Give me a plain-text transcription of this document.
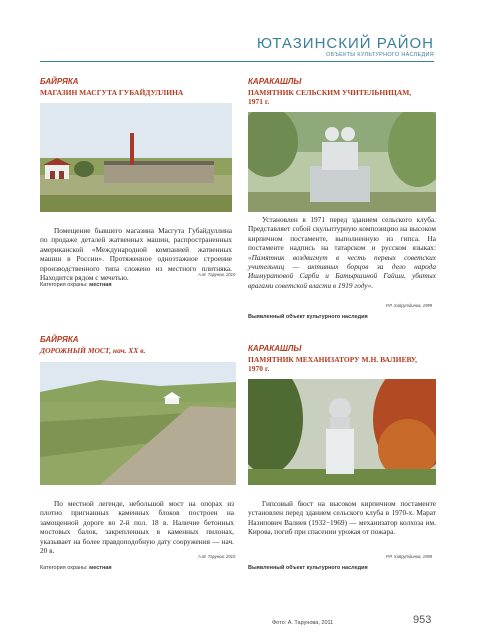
ЮТАЗИНСКИЙ РАЙОН
ОБЪЕКТЫ КУЛЬТУРНОГО НАСЛЕДИЯ

БАЙРЯКА

МАГАЗИН МАСГУТА ГУБАЙДУЛЛИНА

Помещение бывшего магазина Масгута Губайдуллина по продаже деталей жатвенных машин, распространенных американской «Международной компанией жатвенных машин в России». Протяженное одноэтажное строение производственного типа сложено из местного плитняка. Находится рядом с мечетью.	А.М. Тарунов, 2010
Категория охраны: местная

КАРАКАШЛЫ

ПАМЯТНИК СЕЛЬСКИМ УЧИТЕЛЬНИЦАМ,
1971 г.

Установлен в 1971 перед зданием сельского клуба. Представляет собой скульптурную композицию на высоком кирпичном постаменте, выполненную из гипса. На постаменте надпись на татарском и русском языках: «Памятник воздвигнут в честь первых советских учительниц — активных борцов за дело народа Ишмуратовой Сарби и Батыршиной Гайши, убитых врагами советской власти в 1919 году».
Р.Р. Хайрутдинов, 1999
Выявленный объект культурного наследия

БАЙРЯКА

ДОРОЖНЫЙ МОСТ, нач. XX в.

По местной легенде, небольшой мост на опорах из плотно пригнанных каменных блоков построен на замощенной дороге во 2-й пол. 18 в. Наличие бетонных мостовых балок, закрепленных в каменных пилонах, указывает на более правдоподобную дату сооружения — нач. 20 в.

А.М. Тарунов, 2010
Категория охраны: местная

КАРАКАШЛЫ

ПАМЯТНИК МЕХАНИЗАТОРУ М.Н. ВАЛИЕВУ,
1970 г.

Гипсовый бюст на высоком кирпичном постаменте установлен перед зданием сельского клуба в 1970-х. Марат Назипович Валиев (1932−1969) — механизатор колхоза им. Кирова, погиб при спасении урожая от пожара.

Р.Р. Хайрутдинов, 1999
Выявленный объект культурного наследия
Фото: А. Тарунова, 2011	953
